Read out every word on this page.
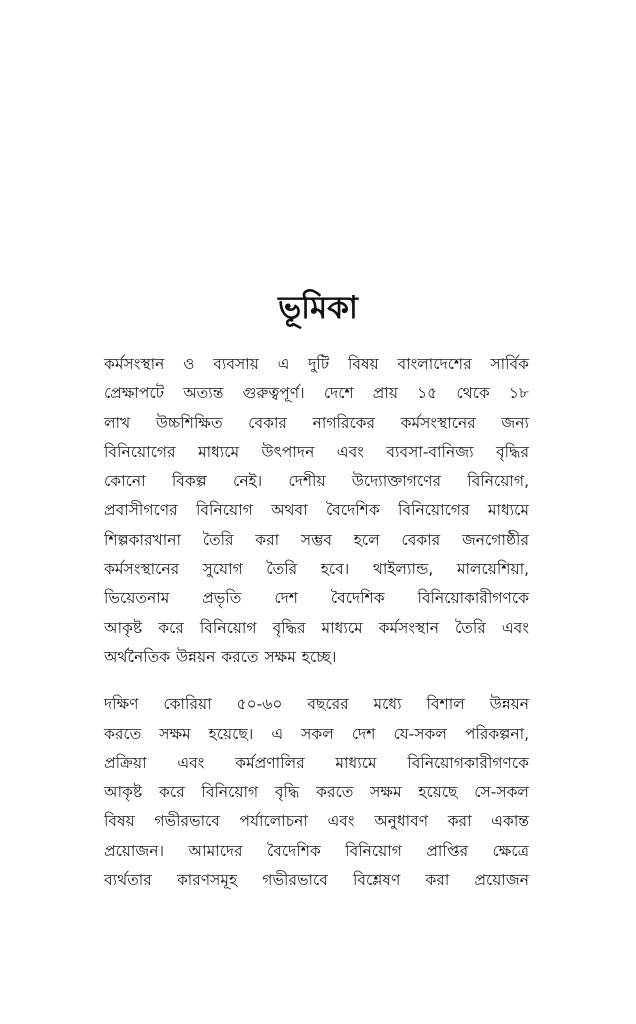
ভূমিকা

কর্মসংস্থান ও ব্যবসায় এ দুটি বিষয় বাংলাদেশের সার্বিক
প্রেক্ষাপটে অত্যন্ত গুরুত্বপূর্ণ। দেশে প্রায় ১৫ থেকে ১৮
লাখ উচ্চশিক্ষিত বেকার নাগরিকের কর্মসংস্থানের জন্য
বিনিয়োগের মাধ্যমে উৎপাদন এবং ব্যবসা-বানিজ্য বৃদ্ধির
কোনো বিকল্প নেই। দেশীয় উদ্যোক্তাগণের বিনিয়োগ,
প্রবাসীগণের বিনিয়োগ অথবা বৈদেশিক বিনিয়োগের মাধ্যমে
শিল্পকারখানা তৈরি করা সম্ভব হলে বেকার জনগোষ্ঠীর
কর্মসংস্থানের সুযোগ তৈরি হবে। থাইল্যান্ড, মালয়েশিয়া,
ভিয়েতনাম প্রভৃতি দেশ বৈদেশিক বিনিয়োকারীগণকে
আকৃষ্ট করে বিনিয়োগ বৃদ্ধির মাধ্যমে কর্মসংস্থান তৈরি এবং
অর্থনৈতিক উন্নয়ন করতে সক্ষম হচ্ছে।

দক্ষিণ কোরিয়া ৫০-৬০ বছরের মধ্যে বিশাল উন্নয়ন
করতে সক্ষম হয়েছে। এ সকল দেশ যে-সকল পরিকল্পনা,
প্রক্রিয়া এবং কর্মপ্রণালির মাধ্যমে বিনিয়োগকারীগণকে
আকৃষ্ট করে বিনিয়োগ বৃদ্ধি করতে সক্ষম হয়েছে সে-সকল
বিষয় গভীরভাবে পর্যালোচনা এবং অনুধাবণ করা একান্ত
প্রয়োজন। আমাদের বৈদেশিক বিনিয়োগ প্রাপ্তির ক্ষেত্রে
ব্যর্থতার কারণসমূহ গভীরভাবে বিশ্লেষণ করা প্রয়োজন
